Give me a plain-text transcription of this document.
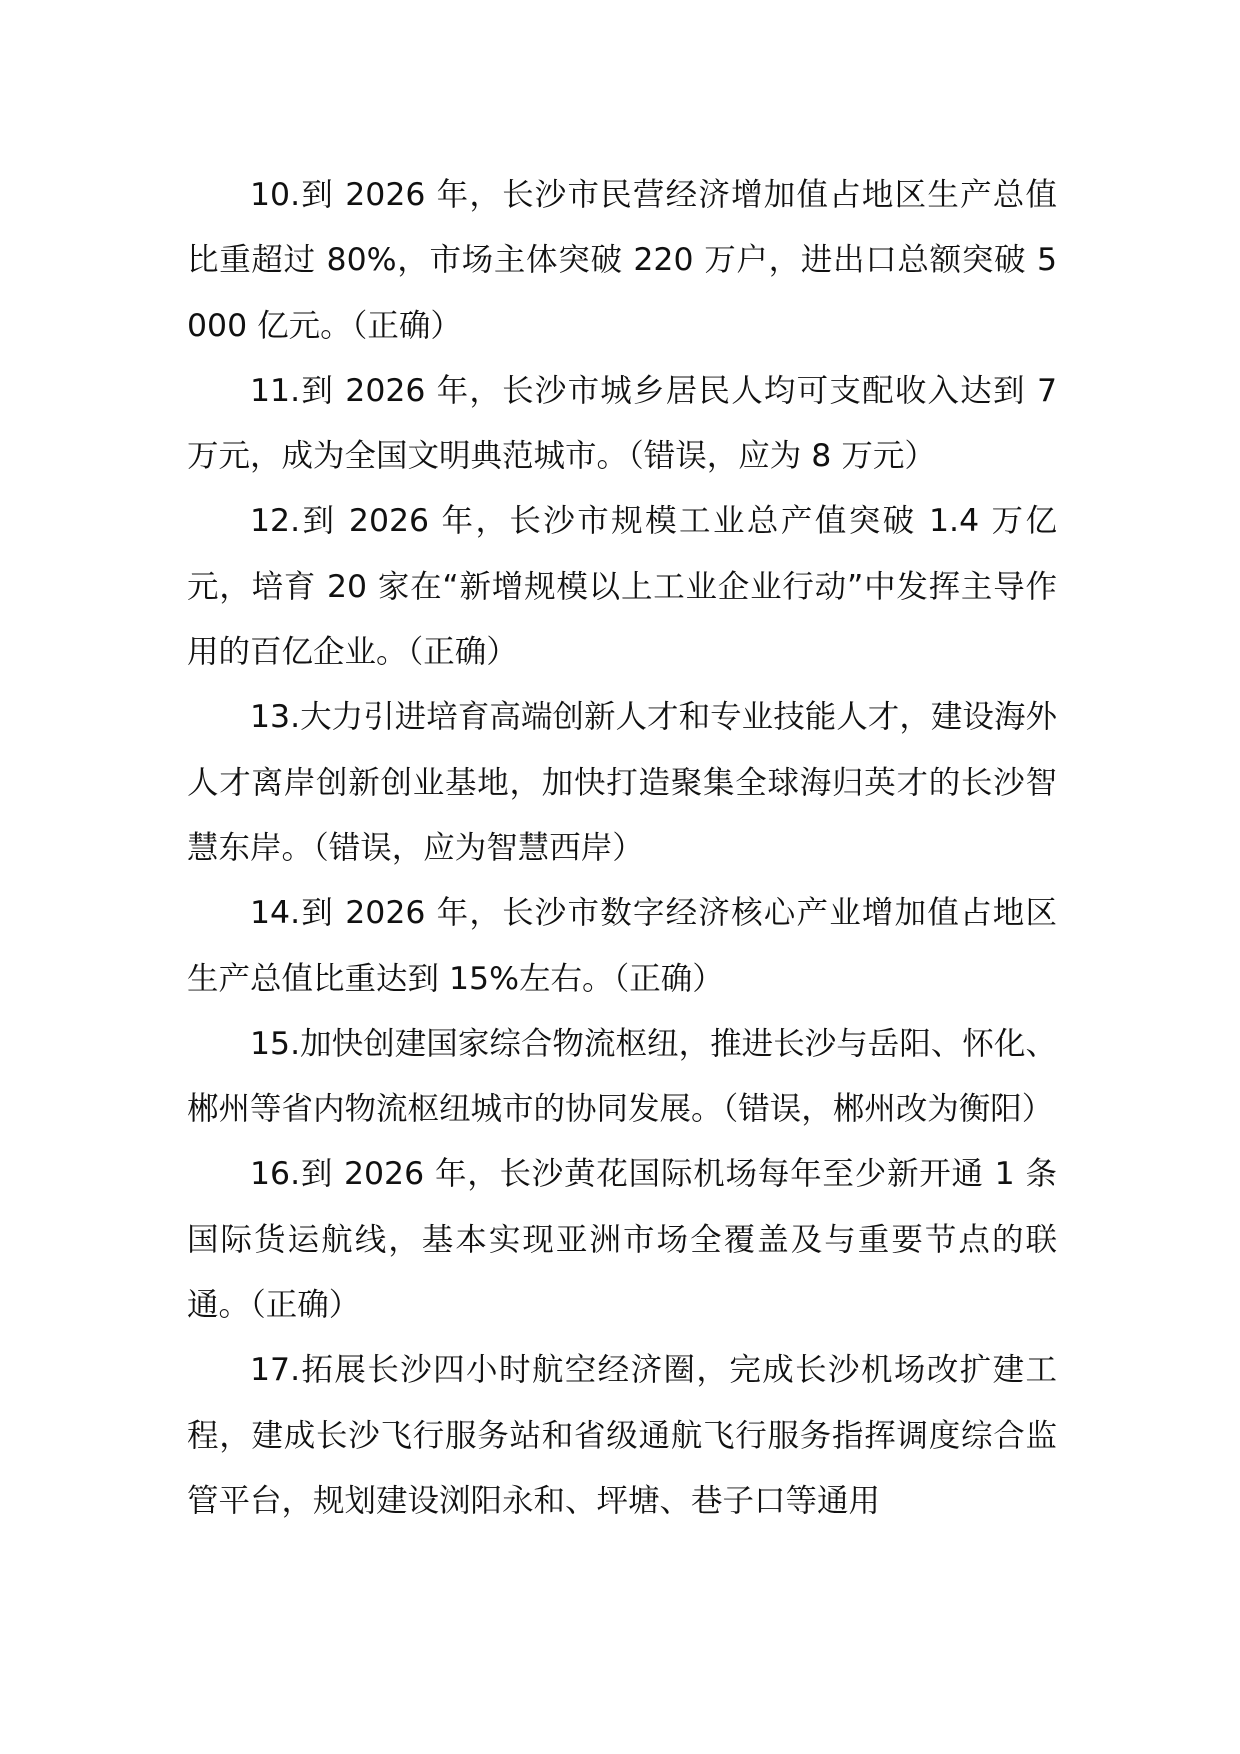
10.到 2026 年，长沙市民营经济增加值占地区生产总值比重超过 80%，市场主体突破 220 万户，进出口总额突破 5000 亿元。（正确）

11.到 2026 年，长沙市城乡居民人均可支配收入达到 7 万元，成为全国文明典范城市。（错误，应为 8 万元）

12.到 2026 年，长沙市规模工业总产值突破 1.4 万亿元，培育 20 家在“新增规模以上工业企业行动”中发挥主导作用的百亿企业。（正确）

13.大力引进培育高端创新人才和专业技能人才，建设海外人才离岸创新创业基地，加快打造聚集全球海归英才的长沙智慧东岸。（错误，应为智慧西岸）

14.到 2026 年，长沙市数字经济核心产业增加值占地区生产总值比重达到 15%左右。（正确）

15.加快创建国家综合物流枢纽，推进长沙与岳阳、怀化、郴州等省内物流枢纽城市的协同发展。（错误，郴州改为衡阳）

16.到 2026 年，长沙黄花国际机场每年至少新开通 1 条国际货运航线，基本实现亚洲市场全覆盖及与重要节点的联通。（正确）

17.拓展长沙四小时航空经济圈，完成长沙机场改扩建工程，建成长沙飞行服务站和省级通航飞行服务指挥调度综合监管平台，规划建设浏阳永和、坪塘、巷子口等通用
